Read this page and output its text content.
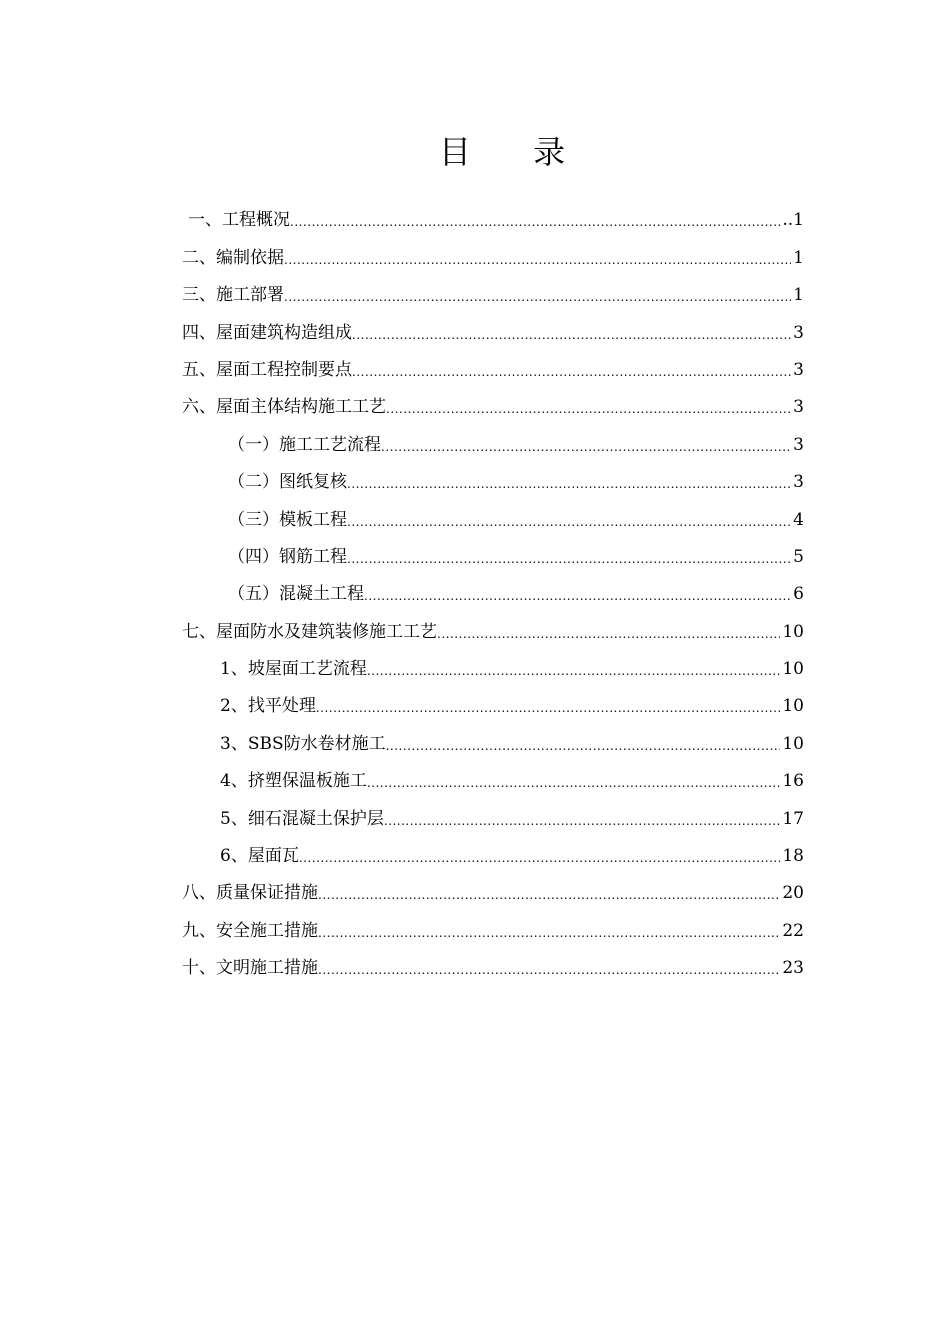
目 录
一、工程概况 .....	..1
二、编制依据 .....	1
三、施工部署 .....	1
四、屋面建筑构造组成 .....	3
五、屋面工程控制要点 .....	3
六、屋面主体结构施工工艺 .....	3
（一）施工工艺流程 .....	3
（二）图纸复核 .....	3
（三）模板工程 .....	4
（四）钢筋工程 .....	5
（五）混凝土工程 .....	6
七、屋面防水及建筑装修施工工艺 .....	10
1、坡屋面工艺流程 .....	10
2、找平处理 .....	10
3、SBS防水卷材施工 .....	10
4、挤塑保温板施工 .....	16
5、细石混凝土保护层 .....	17
6、屋面瓦 .....	18
八、质量保证措施 .....	20
九、安全施工措施 .....	22
十、文明施工措施 .....	23
